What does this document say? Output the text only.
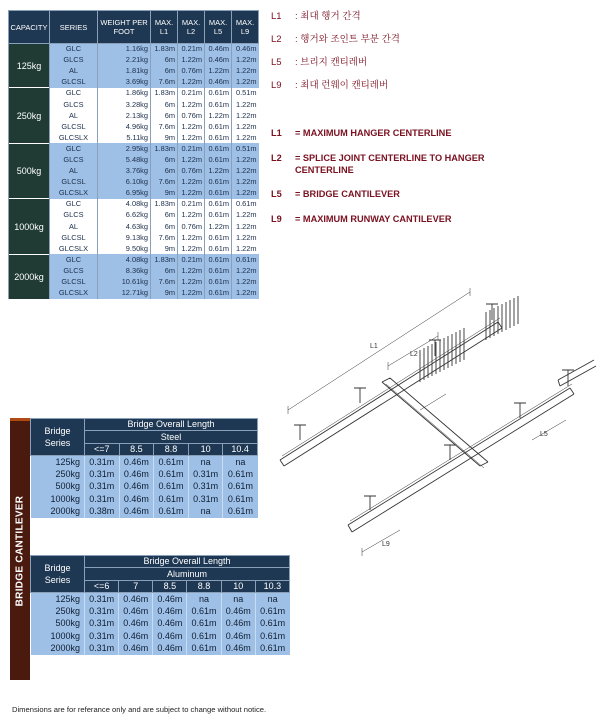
CAPACITY	SERIES	WEIGHT PER FOOT	MAX. L1	MAX. L2	MAX. L5	MAX. L9
125kg	GLC	1.16kg	1.83m	0.21m	0.46m	0.46m
	GLCS	2.21kg	6m	1.22m	0.46m	1.22m
	AL	1.81kg	6m	0.76m	1.22m	1.22m
	GLCSL	3.69kg	7.6m	1.22m	0.46m	1.22m
250kg	GLC	1.86kg	1.83m	0.21m	0.61m	0.51m
	GLCS	3.28kg	6m	1.22m	0.61m	1.22m
	AL	2.13kg	6m	0.76m	1.22m	1.22m
	GLCSL	4.96kg	7.6m	1.22m	0.61m	1.22m
	GLCSLX	5.11kg	9m	1.22m	0.61m	1.22m
500kg	GLC	2.95kg	1.83m	0.21m	0.61m	0.51m
	GLCS	5.48kg	6m	1.22m	0.61m	1.22m
	AL	3.76kg	6m	0.76m	1.22m	1.22m
	GLCSL	6.10kg	7.6m	1.22m	0.61m	1.22m
	GLCSLX	6.95kg	9m	1.22m	0.61m	1.22m
1000kg	GLC	4.08kg	1.83m	0.21m	0.61m	0.61m
	GLCS	6.62kg	6m	1.22m	0.61m	1.22m
	AL	4.63kg	6m	0.76m	1.22m	1.22m
	GLCSL	9.13kg	7.6m	1.22m	0.61m	1.22m
	GLCSLX	9.50kg	9m	1.22m	0.61m	1.22m
2000kg	GLC	4.08kg	1.83m	0.21m	0.61m	0.61m
	GLCS	8.36kg	6m	1.22m	0.61m	1.22m
	GLCSL	10.61kg	7.6m	1.22m	0.61m	1.22m
	GLCSLX	12.71kg	9m	1.22m	0.61m	1.22m
L1 : 최대 행거 간격
L2 : 행거와 조인트 부분 간격
L5 : 브리지 캔티레버
L9 : 최대 런웨이 캔티레버
L1 = MAXIMUM HANGER CENTERLINE
L2 = SPLICE JOINT CENTERLINE TO HANGER CENTERLINE
L5 = BRIDGE CANTILEVER
L9 = MAXIMUM RUNWAY CANTILEVER
L1
L2
L9
L5
BRIDGE CANTILEVER
Bridge Series	Bridge Overall Length				
	Steel				
	<=7	8.5	8.8	10	10.4
125kg	0.31m	0.46m	0.61m	na	na
250kg	0.31m	0.46m	0.61m	0.31m	0.61m
500kg	0.31m	0.46m	0.61m	0.31m	0.61m
1000kg	0.31m	0.46m	0.61m	0.31m	0.61m
2000kg	0.38m	0.46m	0.61m	na	0.61m
Bridge Series	Bridge Overall Length					
	Aluminum					
	<=6	7	8.5	8.8	10	10.3
125kg	0.31m	0.46m	0.46m	na	na	na
250kg	0.31m	0.46m	0.46m	0.61m	0.46m	0.61m
500kg	0.31m	0.46m	0.46m	0.61m	0.46m	0.61m
1000kg	0.31m	0.46m	0.46m	0.61m	0.46m	0.61m
2000kg	0.31m	0.46m	0.46m	0.61m	0.46m	0.61m
Dimensions are for referance only and are subject to change without notice.
